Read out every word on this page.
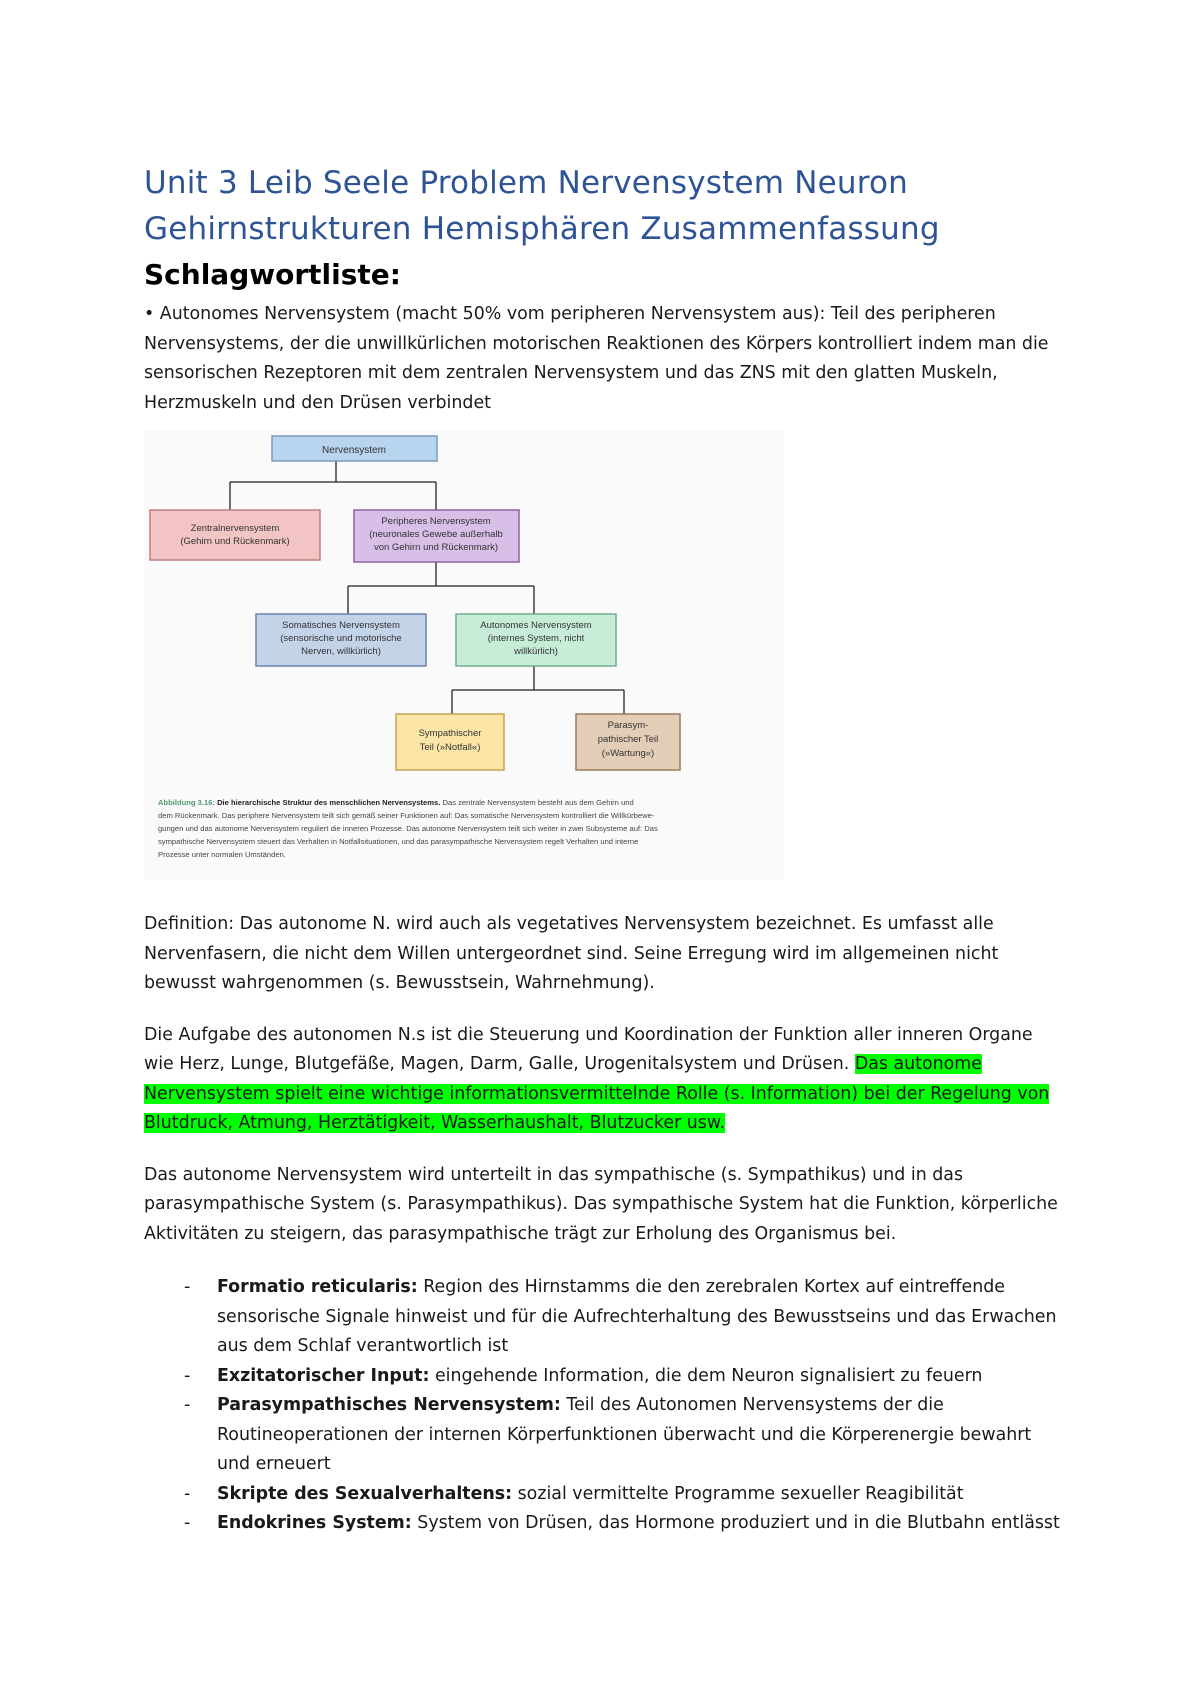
Unit 3 Leib Seele Problem Nervensystem Neuron Gehirnstrukturen Hemisphären Zusammenfassung
Schlagwortliste:

• Autonomes Nervensystem (macht 50% vom peripheren Nervensystem aus): Teil des peripheren Nervensystems, der die unwillkürlichen motorischen Reaktionen des Körpers kontrolliert indem man die sensorischen Rezeptoren mit dem zentralen Nervensystem und das ZNS mit den glatten Muskeln, Herzmuskeln und den Drüsen verbindet

Nervensystem
Zentralnervensystem
(Gehirn und Rückenmark)
Peripheres Nervensystem
(neuronales Gewebe außerhalb
von Gehirn und Rückenmark)
Somatisches Nervensystem
(sensorische und motorische
Nerven, willkürlich)
Autonomes Nervensystem
(internes System, nicht
willkürlich)
Sympathischer
Teil (»Notfall«)
Parasym-
pathischer Teil
(»Wartung«)
Abbildung 3.16: Die hierarchische Struktur des menschlichen Nervensystems. Das zentrale Nervensystem besteht aus dem Gehirn und
dem Rückenmark. Das periphere Nervensystem teilt sich gemäß seiner Funktionen auf: Das somatische Nervensystem kontrolliert die Willkürbewe-
gungen und das autonome Nervensystem reguliert die inneren Prozesse. Das autonome Nervensystem teilt sich weiter in zwei Subsysteme auf: Das
sympathische Nervensystem steuert das Verhalten in Notfallsituationen, und das parasympathische Nervensystem regelt Verhalten und interne
Prozesse unter normalen Umständen.

Definition: Das autonome N. wird auch als vegetatives Nervensystem bezeichnet. Es umfasst alle Nervenfasern, die nicht dem Willen untergeordnet sind. Seine Erregung wird im allgemeinen nicht bewusst wahrgenommen (s. Bewusstsein, Wahrnehmung).

Die Aufgabe des autonomen N.s ist die Steuerung und Koordination der Funktion aller inneren Organe wie Herz, Lunge, Blutgefäße, Magen, Darm, Galle, Urogenitalsystem und Drüsen. Das autonome Nervensystem spielt eine wichtige informationsvermittelnde Rolle (s. Information) bei der Regelung von Blutdruck, Atmung, Herztätigkeit, Wasserhaushalt, Blutzucker usw.

Das autonome Nervensystem wird unterteilt in das sympathische (s. Sympathikus) und in das parasympathische System (s. Parasympathikus). Das sympathische System hat die Funktion, körperliche Aktivitäten zu steigern, das parasympathische trägt zur Erholung des Organismus bei.

- Formatio reticularis: Region des Hirnstamms die den zerebralen Kortex auf eintreffende sensorische Signale hinweist und für die Aufrechterhaltung des Bewusstseins und das Erwachen aus dem Schlaf verantwortlich ist
- Exzitatorischer Input: eingehende Information, die dem Neuron signalisiert zu feuern
- Parasympathisches Nervensystem: Teil des Autonomen Nervensystems der die Routineoperationen der internen Körperfunktionen überwacht und die Körperenergie bewahrt und erneuert
- Skripte des Sexualverhaltens: sozial vermittelte Programme sexueller Reagibilität
- Endokrines System: System von Drüsen, das Hormone produziert und in die Blutbahn entlässt
